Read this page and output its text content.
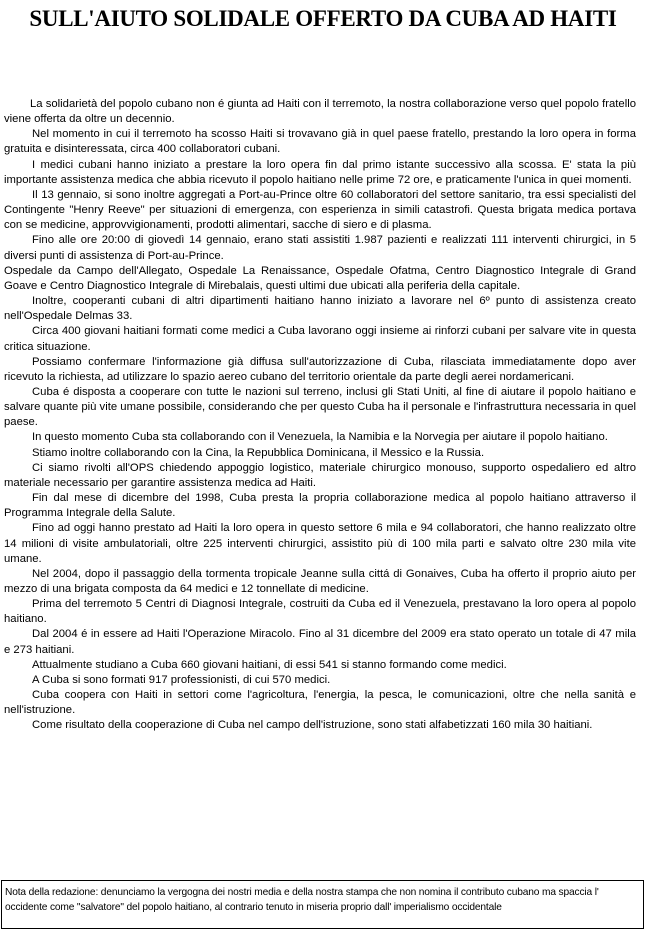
SULL'AIUTO SOLIDALE OFFERTO DA CUBA AD HAITI

La solidarietà del popolo cubano non é giunta ad Haiti con il terremoto, la nostra collaborazione verso quel popolo fratello viene offerta da oltre un decennio.

Nel momento in cui il terremoto ha scosso Haiti si trovavano già in quel paese fratello, prestando la loro opera in forma gratuita e disinteressata, circa 400 collaboratori cubani.

I medici cubani hanno iniziato a prestare la loro opera fin dal primo istante successivo alla scossa. E' stata la più importante assistenza medica che abbia ricevuto il popolo haitiano nelle prime 72 ore, e praticamente l'unica in quei momenti.

Il 13 gennaio, si sono inoltre aggregati a Port-au-Prince oltre 60 collaboratori del settore sanitario, tra essi specialisti del Contingente "Henry Reeve" per situazioni di emergenza, con esperienza in simili catastrofi. Questa brigata medica portava con se medicine, approvvigionamenti, prodotti alimentari, sacche di siero e di plasma.

Fino alle ore 20:00 di giovedì 14 gennaio, erano stati assistiti 1.987 pazienti e realizzati 111 interventi chirurgici, in 5 diversi punti di assistenza di Port-au-Prince.

Ospedale da Campo dell'Allegato, Ospedale La Renaissance, Ospedale Ofatma, Centro Diagnostico Integrale di Grand Goave e Centro Diagnostico Integrale di Mirebalais, questi ultimi due ubicati alla periferia della capitale.

Inoltre, cooperanti cubani di altri dipartimenti haitiano hanno iniziato a lavorare nel 6º punto di assistenza creato nell'Ospedale Delmas 33.

Circa 400 giovani haitiani formati come medici a Cuba lavorano oggi insieme ai rinforzi cubani per salvare vite in questa critica situazione.

Possiamo confermare l'informazione già diffusa sull'autorizzazione di Cuba, rilasciata immediatamente dopo aver ricevuto la richiesta, ad utilizzare lo spazio aereo cubano del territorio orientale da parte degli aerei nordamericani.

Cuba é disposta a cooperare con tutte le nazioni sul terreno, inclusi gli Stati Uniti, al fine di aiutare il popolo haitiano e salvare quante più vite umane possibile, considerando che per questo Cuba ha il personale e l'infrastruttura necessaria in quel paese.

In questo momento Cuba sta collaborando con il Venezuela, la Namibia e la Norvegia per aiutare il popolo haitiano.

Stiamo inoltre collaborando con la Cina, la Repubblica Dominicana, il Messico e la Russia.

Ci siamo rivolti all'OPS chiedendo appoggio logistico, materiale chirurgico monouso, supporto ospedaliero ed altro materiale necessario per garantire assistenza medica ad Haiti.

Fin dal mese di dicembre del 1998, Cuba presta la propria collaborazione medica al popolo haitiano attraverso il Programma Integrale della Salute.

Fino ad oggi hanno prestato ad Haiti la loro opera in questo settore 6 mila e 94 collaboratori, che hanno realizzato oltre 14 milioni di visite ambulatoriali, oltre 225 interventi chirurgici, assistito più di 100 mila parti e salvato oltre 230 mila vite umane.

Nel 2004, dopo il passaggio della tormenta tropicale Jeanne sulla cittá di Gonaives, Cuba ha offerto il proprio aiuto per mezzo di una brigata composta da 64 medici e 12 tonnellate di medicine.

Prima del terremoto 5 Centri di Diagnosi Integrale, costruiti da Cuba ed il Venezuela, prestavano la loro opera al popolo haitiano.

Dal 2004 é in essere ad Haiti l'Operazione Miracolo. Fino al 31 dicembre del 2009 era stato operato un totale di 47 mila e 273 haitiani.

Attualmente studiano a Cuba 660 giovani haitiani, di essi 541 si stanno formando come medici.

A Cuba si sono formati 917 professionisti, di cui 570 medici.

Cuba coopera con Haiti in settori come l'agricoltura, l'energia, la pesca, le comunicazioni, oltre che nella sanità e nell'istruzione.

Come risultato della cooperazione di Cuba nel campo dell'istruzione, sono stati alfabetizzati 160 mila 30 haitiani.

Nota della redazione: denunciamo la vergogna dei nostri media e della nostra stampa che non nomina il contributo cubano ma spaccia l' occidente come "salvatore" del popolo haitiano, al contrario tenuto in miseria proprio dall' imperialismo occidentale
